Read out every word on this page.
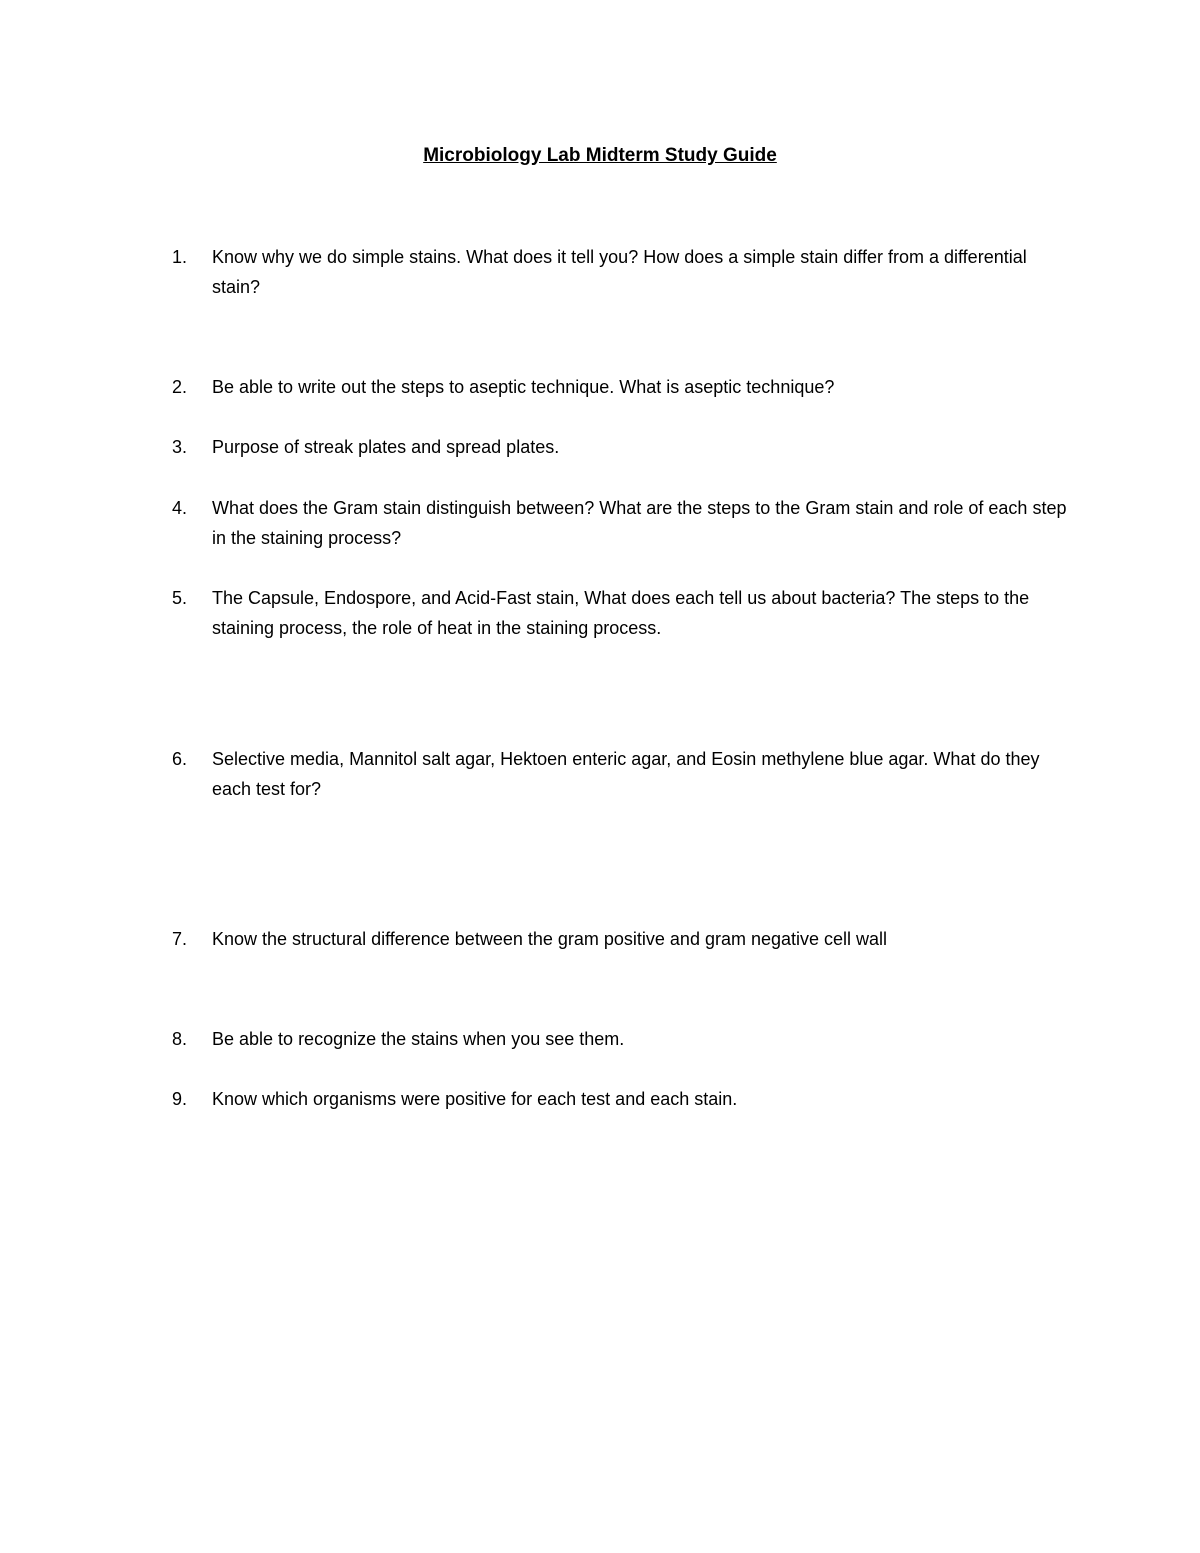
Microbiology Lab Midterm Study Guide
1.	Know why we do simple stains. What does it tell you? How does a simple stain differ from a differential stain?
2.	Be able to write out the steps to aseptic technique. What is aseptic technique?
3.	Purpose of streak plates and spread plates.
4.	What does the Gram stain distinguish between? What are the steps to the Gram stain and role of each step in the staining process?
5.	The Capsule, Endospore, and Acid-Fast stain, What does each tell us about bacteria? The steps to the staining process, the role of heat in the staining process.
6.	Selective media, Mannitol salt agar, Hektoen enteric agar, and Eosin methylene blue agar. What do they each test for?
7.	Know the structural difference between the gram positive and gram negative cell wall
8.	Be able to recognize the stains when you see them.
9.	Know which organisms were positive for each test and each stain.
